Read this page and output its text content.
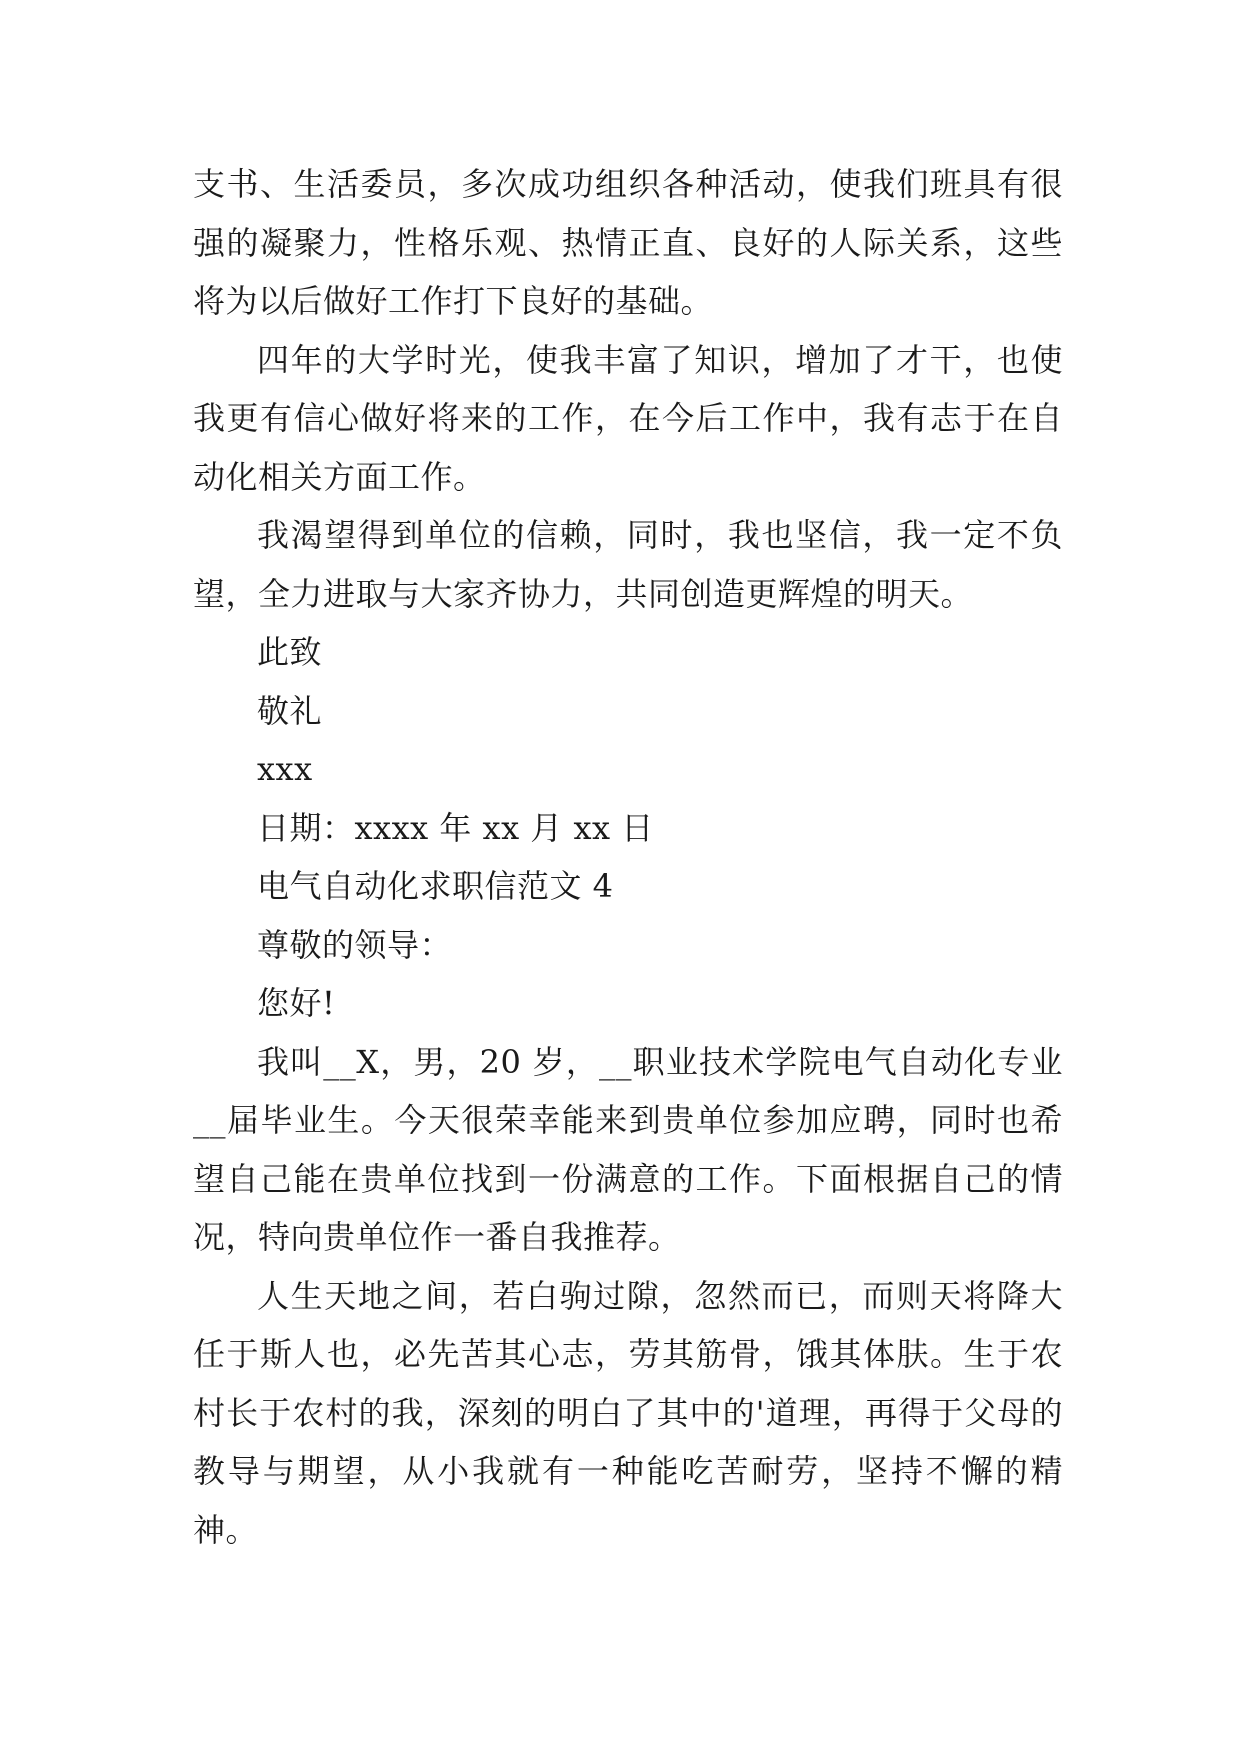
支书、生活委员，多次成功组织各种活动，使我们班具有很强的凝聚力，性格乐观、热情正直、良好的人际关系，这些将为以后做好工作打下良好的基础。

四年的大学时光，使我丰富了知识，增加了才干，也使我更有信心做好将来的工作，在今后工作中，我有志于在自动化相关方面工作。

我渴望得到单位的信赖，同时，我也坚信，我一定不负望，全力进取与大家齐协力，共同创造更辉煌的明天。

此致

敬礼

xxx

日期：xxxx 年 xx 月 xx 日

电气自动化求职信范文 4

尊敬的领导：

您好!

我叫__X，男，20 岁，__职业技术学院电气自动化专业__届毕业生。今天很荣幸能来到贵单位参加应聘，同时也希望自己能在贵单位找到一份满意的工作。下面根据自己的情况，特向贵单位作一番自我推荐。

人生天地之间，若白驹过隙，忽然而已，而则天将降大任于斯人也，必先苦其心志，劳其筋骨，饿其体肤。生于农村长于农村的我，深刻的明白了其中的'道理，再得于父母的教导与期望，从小我就有一种能吃苦耐劳，坚持不懈的精神。
